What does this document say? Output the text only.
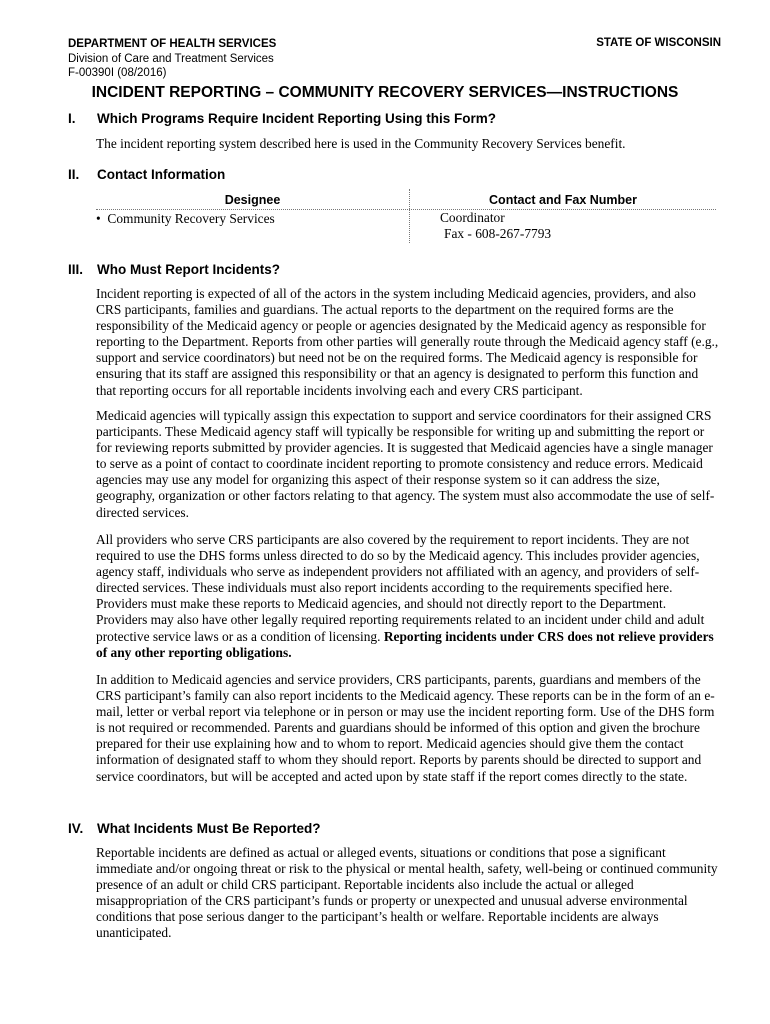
DEPARTMENT OF HEALTH SERVICES
Division of Care and Treatment Services
F-00390I (08/2016)
STATE OF WISCONSIN
INCIDENT REPORTING – COMMUNITY RECOVERY SERVICES—INSTRUCTIONS
I. Which Programs Require Incident Reporting Using this Form?

The incident reporting system described here is used in the Community Recovery Services benefit.

II. Contact Information
Designee	Contact and Fax Number
• Community Recovery Services	Coordinator
Fax - 608-267-7793
III. Who Must Report Incidents?

Incident reporting is expected of all of the actors in the system including Medicaid agencies, providers, and also CRS participants, families and guardians. The actual reports to the department on the required forms are the responsibility of the Medicaid agency or people or agencies designated by the Medicaid agency as responsible for reporting to the Department. Reports from other parties will generally route through the Medicaid agency staff (e.g., support and service coordinators) but need not be on the required forms. The Medicaid agency is responsible for ensuring that its staff are assigned this responsibility or that an agency is designated to perform this function and that reporting occurs for all reportable incidents involving each and every CRS participant.

Medicaid agencies will typically assign this expectation to support and service coordinators for their assigned CRS participants. These Medicaid agency staff will typically be responsible for writing up and submitting the report or for reviewing reports submitted by provider agencies. It is suggested that Medicaid agencies have a single manager to serve as a point of contact to coordinate incident reporting to promote consistency and reduce errors. Medicaid agencies may use any model for organizing this aspect of their response system so it can address the size, geography, organization or other factors relating to that agency. The system must also accommodate the use of self-directed services.

All providers who serve CRS participants are also covered by the requirement to report incidents. They are not required to use the DHS forms unless directed to do so by the Medicaid agency. This includes provider agencies, agency staff, individuals who serve as independent providers not affiliated with an agency, and providers of self-directed services. These individuals must also report incidents according to the requirements specified here. Providers must make these reports to Medicaid agencies, and should not directly report to the Department. Providers may also have other legally required reporting requirements related to an incident under child and adult protective service laws or as a condition of licensing. Reporting incidents under CRS does not relieve providers of any other reporting obligations.

In addition to Medicaid agencies and service providers, CRS participants, parents, guardians and members of the CRS participant’s family can also report incidents to the Medicaid agency. These reports can be in the form of an e-mail, letter or verbal report via telephone or in person or may use the incident reporting form. Use of the DHS form is not required or recommended. Parents and guardians should be informed of this option and given the brochure prepared for their use explaining how and to whom to report. Medicaid agencies should give them the contact information of designated staff to whom they should report. Reports by parents should be directed to support and service coordinators, but will be accepted and acted upon by state staff if the report comes directly to the state.

IV. What Incidents Must Be Reported?

Reportable incidents are defined as actual or alleged events, situations or conditions that pose a significant immediate and/or ongoing threat or risk to the physical or mental health, safety, well-being or continued community presence of an adult or child CRS participant. Reportable incidents also include the actual or alleged misappropriation of the CRS participant’s funds or property or unexpected and unusual adverse environmental conditions that pose serious danger to the participant’s health or welfare. Reportable incidents are always unanticipated.
